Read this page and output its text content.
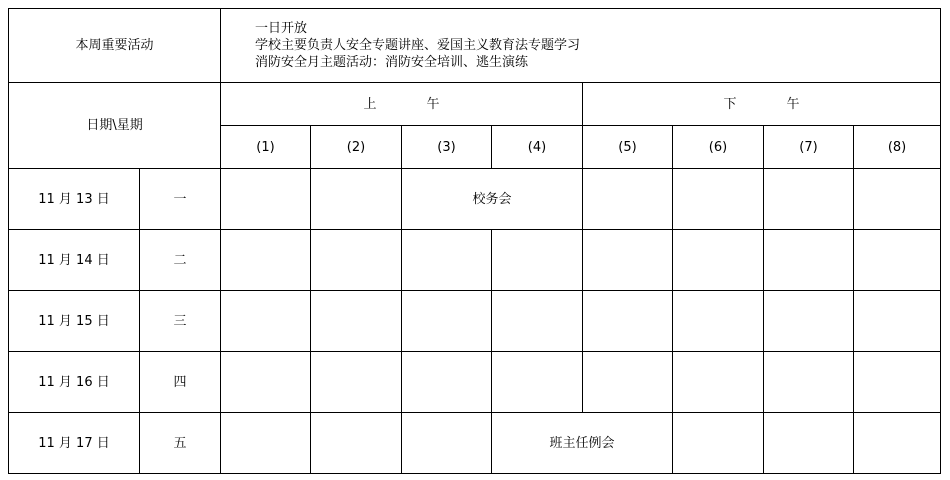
本周重要活动		一日开放
学校主要负责人安全专题讲座、爱国主义教育法专题学习
消防安全月主题活动：消防安全培训、逃生演练							

日期\星期		上 午				下 午			
		(1)	(2)	(3)	(4)	(5)	(6)	(7)	(8)
11 月 13 日	一			校务会					
11 月 14 日	二								
11 月 15 日	三								
11 月 16 日	四								
11 月 17 日	五				班主任例会				
